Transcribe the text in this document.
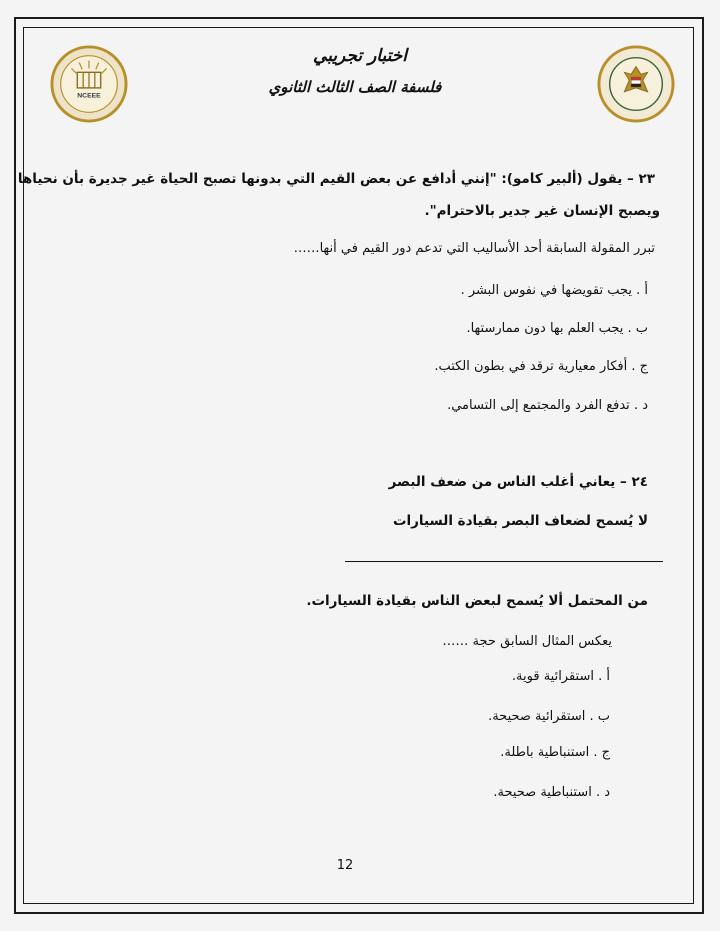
NCEEE
اختبار تجريبي
فلسفة الصف الثالث الثانوي
٢٣ – يقول (ألبير كامو): "إنني أدافع عن بعض القيم التي بدونها تصبح الحياة غير جديرة بأن نحياها
ويصبح الإنسان غير جدير بالاحترام".
تبرر المقولة السابقة أحد الأساليب التي تدعم دور القيم في أنها……
أ . يجب تقويضها في نفوس البشر .
ب . يجب العلم بها دون ممارستها.
ج . أفكار معيارية ترقد في بطون الكتب.
د . تدفع الفرد والمجتمع إلى التسامي.
٢٤ – يعاني أغلب الناس من ضعف البصر
لا يُسمح لضعاف البصر بقيادة السيارات
من المحتمل ألا يُسمح لبعض الناس بقيادة السيارات.
يعكس المثال السابق حجة ……
أ . استقرائية قوية.
ب . استقرائية صحيحة.
ج . استنباطية باطلة.
د . استنباطية صحيحة.
12
